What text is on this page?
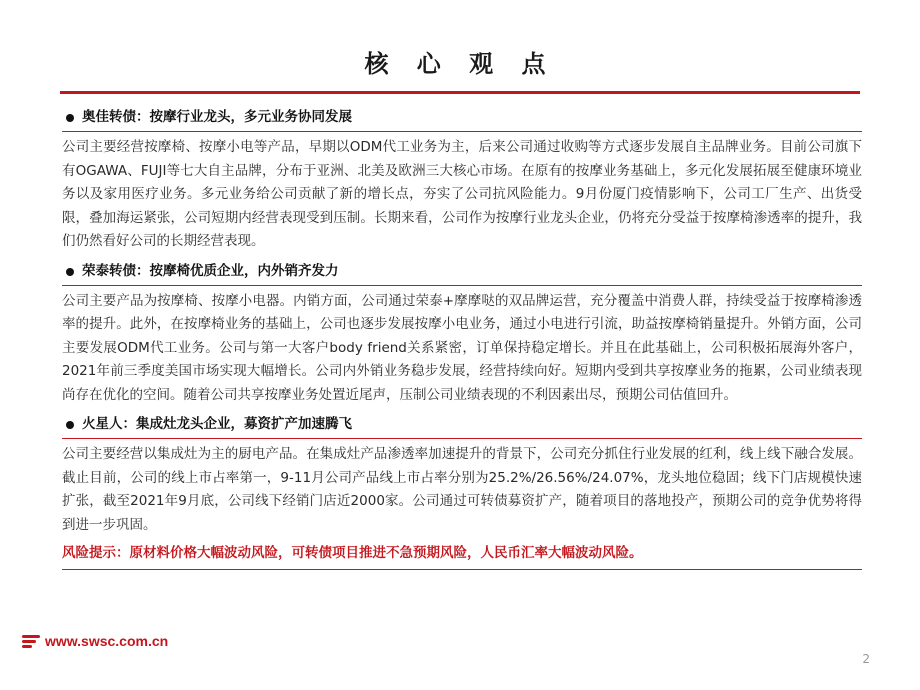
核 心 观 点
奥佳转债：按摩行业龙头，多元业务协同发展

公司主要经营按摩椅、按摩小电等产品，早期以ODM代工业务为主，后来公司通过收购等方式逐步发展自主品牌业务。目前公司旗下有OGAWA、FUJI等七大自主品牌，分布于亚洲、北美及欧洲三大核心市场。在原有的按摩业务基础上，多元化发展拓展至健康环境业务以及家用医疗业务。多元业务给公司贡献了新的增长点，夯实了公司抗风险能力。9月份厦门疫情影响下，公司工厂生产、出货受限，叠加海运紧张，公司短期内经营表现受到压制。长期来看，公司作为按摩行业龙头企业，仍将充分受益于按摩椅渗透率的提升，我们仍然看好公司的长期经营表现。

荣泰转债：按摩椅优质企业，内外销齐发力

公司主要产品为按摩椅、按摩小电器。内销方面，公司通过荣泰+摩摩哒的双品牌运营，充分覆盖中消费人群，持续受益于按摩椅渗透率的提升。此外，在按摩椅业务的基础上，公司也逐步发展按摩小电业务，通过小电进行引流，助益按摩椅销量提升。外销方面，公司主要发展ODM代工业务。公司与第一大客户body friend关系紧密，订单保持稳定增长。并且在此基础上，公司积极拓展海外客户，2021年前三季度美国市场实现大幅增长。公司内外销业务稳步发展，经营持续向好。短期内受到共享按摩业务的拖累，公司业绩表现尚存在优化的空间。随着公司共享按摩业务处置近尾声，压制公司业绩表现的不利因素出尽，预期公司估值回升。

火星人：集成灶龙头企业，募资扩产加速腾飞

公司主要经营以集成灶为主的厨电产品。在集成灶产品渗透率加速提升的背景下，公司充分抓住行业发展的红利，线上线下融合发展。截止目前，公司的线上市占率第一，9-11月公司产品线上市占率分别为25.2%/26.56%/24.07%，龙头地位稳固；线下门店规模快速扩张，截至2021年9月底，公司线下经销门店近2000家。公司通过可转债募资扩产，随着项目的落地投产，预期公司的竞争优势将得到进一步巩固。

风险提示：原材料价格大幅波动风险，可转债项目推进不急预期风险，人民币汇率大幅波动风险。
www.swsc.com.cn
2
